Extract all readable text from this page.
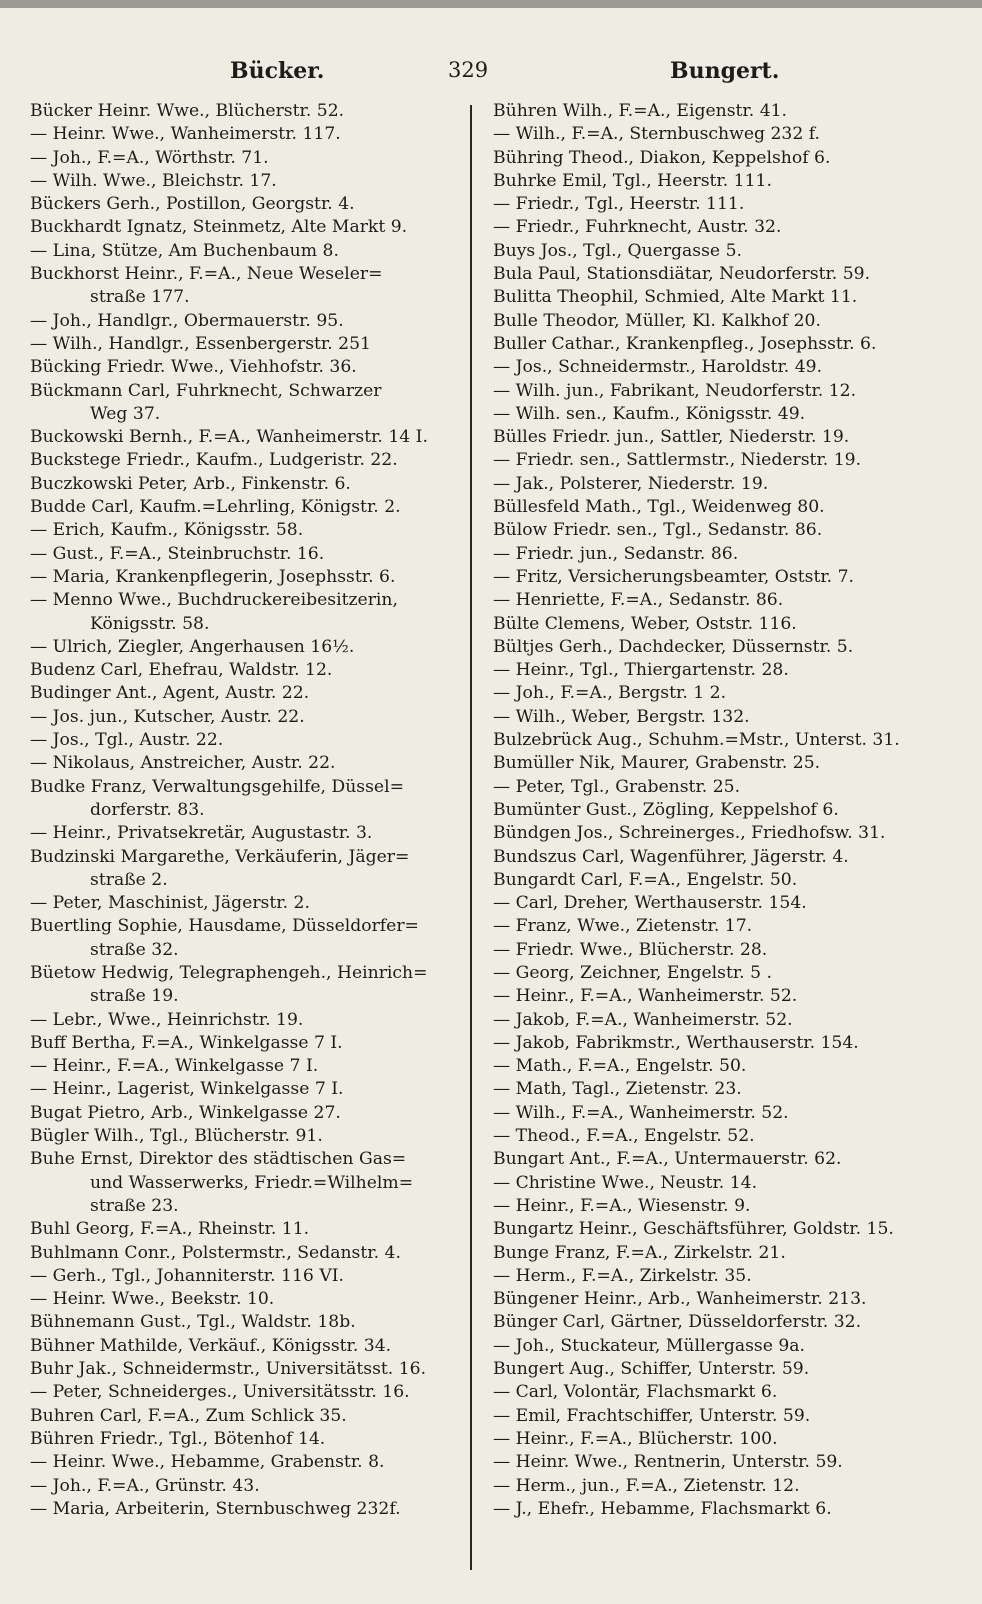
Bücker.	329	Bungert.
Bücker Heinr. Wwe., Blücherstr. 52.
— Heinr. Wwe., Wanheimerstr. 117.
— Joh., F.=A., Wörthstr. 71.
— Wilh. Wwe., Bleichstr. 17.
Bückers Gerh., Postillon, Georgstr. 4.
Buckhardt Ignatz, Steinmetz, Alte Markt 9.
— Lina, Stütze, Am Buchenbaum 8.
Buckhorst Heinr., F.=A., Neue Weseler=
straße 177.
— Joh., Handlgr., Obermauerstr. 95.
— Wilh., Handlgr., Essenbergerstr. 251
Bücking Friedr. Wwe., Viehhofstr. 36.
Bückmann Carl, Fuhrknecht, Schwarzer
Weg 37.
Buckowski Bernh., F.=A., Wanheimerstr. 14 I.
Buckstege Friedr., Kaufm., Ludgeristr. 22.
Buczkowski Peter, Arb., Finkenstr. 6.
Budde Carl, Kaufm.=Lehrling, Königstr. 2.
— Erich, Kaufm., Königsstr. 58.
— Gust., F.=A., Steinbruchstr. 16.
— Maria, Krankenpflegerin, Josephsstr. 6.
— Menno Wwe., Buchdruckereibesitzerin,
Königsstr. 58.
— Ulrich, Ziegler, Angerhausen 16½.
Budenz Carl, Ehefrau, Waldstr. 12.
Budinger Ant., Agent, Austr. 22.
— Jos. jun., Kutscher, Austr. 22.
— Jos., Tgl., Austr. 22.
— Nikolaus, Anstreicher, Austr. 22.
Budke Franz, Verwaltungsgehilfe, Düssel=
dorferstr. 83.
— Heinr., Privatsekretär, Augustastr. 3.
Budzinski Margarethe, Verkäuferin, Jäger=
straße 2.
— Peter, Maschinist, Jägerstr. 2.
Buertling Sophie, Hausdame, Düsseldorfer=
straße 32.
Büetow Hedwig, Telegraphengeh., Heinrich=
straße 19.
— Lebr., Wwe., Heinrichstr. 19.
Buff Bertha, F.=A., Winkelgasse 7 I.
— Heinr., F.=A., Winkelgasse 7 I.
— Heinr., Lagerist, Winkelgasse 7 I.
Bugat Pietro, Arb., Winkelgasse 27.
Bügler Wilh., Tgl., Blücherstr. 91.
Buhe Ernst, Direktor des städtischen Gas=
und Wasserwerks, Friedr.=Wilhelm=
straße 23.
Buhl Georg, F.=A., Rheinstr. 11.
Buhlmann Conr., Polstermstr., Sedanstr. 4.
— Gerh., Tgl., Johanniterstr. 116 VI.
— Heinr. Wwe., Beekstr. 10.
Bühnemann Gust., Tgl., Waldstr. 18b.
Bühner Mathilde, Verkäuf., Königsstr. 34.
Buhr Jak., Schneidermstr., Universitätsst. 16.
— Peter, Schneiderges., Universitätsstr. 16.
Buhren Carl, F.=A., Zum Schlick 35.
Bühren Friedr., Tgl., Bötenhof 14.
— Heinr. Wwe., Hebamme, Grabenstr. 8.
— Joh., F.=A., Grünstr. 43.
— Maria, Arbeiterin, Sternbuschweg 232f.
Bühren Wilh., F.=A., Eigenstr. 41.
— Wilh., F.=A., Sternbuschweg 232 f.
Bühring Theod., Diakon, Keppelshof 6.
Buhrke Emil, Tgl., Heerstr. 111.
— Friedr., Tgl., Heerstr. 111.
— Friedr., Fuhrknecht, Austr. 32.
Buys Jos., Tgl., Quergasse 5.
Bula Paul, Stationsdiätar, Neudorferstr. 59.
Bulitta Theophil, Schmied, Alte Markt 11.
Bulle Theodor, Müller, Kl. Kalkhof 20.
Buller Cathar., Krankenpfleg., Josephsstr. 6.
— Jos., Schneidermstr., Haroldstr. 49.
— Wilh. jun., Fabrikant, Neudorferstr. 12.
— Wilh. sen., Kaufm., Königsstr. 49.
Bülles Friedr. jun., Sattler, Niederstr. 19.
— Friedr. sen., Sattlermstr., Niederstr. 19.
— Jak., Polsterer, Niederstr. 19.
Büllesfeld Math., Tgl., Weidenweg 80.
Bülow Friedr. sen., Tgl., Sedanstr. 86.
— Friedr. jun., Sedanstr. 86.
— Fritz, Versicherungsbeamter, Oststr. 7.
— Henriette, F.=A., Sedanstr. 86.
Bülte Clemens, Weber, Oststr. 116.
Bültjes Gerh., Dachdecker, Düssernstr. 5.
— Heinr., Tgl., Thiergartenstr. 28.
— Joh., F.=A., Bergstr. 1 2.
— Wilh., Weber, Bergstr. 132.
Bulzebrück Aug., Schuhm.=Mstr., Unterst. 31.
Bumüller Nik, Maurer, Grabenstr. 25.
— Peter, Tgl., Grabenstr. 25.
Bumünter Gust., Zögling, Keppelshof 6.
Bündgen Jos., Schreinerges., Friedhofsw. 31.
Bundszus Carl, Wagenführer, Jägerstr. 4.
Bungardt Carl, F.=A., Engelstr. 50.
— Carl, Dreher, Werthauserstr. 154.
— Franz, Wwe., Zietenstr. 17.
— Friedr. Wwe., Blücherstr. 28.
— Georg, Zeichner, Engelstr. 5 .
— Heinr., F.=A., Wanheimerstr. 52.
— Jakob, F.=A., Wanheimerstr. 52.
— Jakob, Fabrikmstr., Werthauserstr. 154.
— Math., F.=A., Engelstr. 50.
— Math, Tagl., Zietenstr. 23.
— Wilh., F.=A., Wanheimerstr. 52.
— Theod., F.=A., Engelstr. 52.
Bungart Ant., F.=A., Untermauerstr. 62.
— Christine Wwe., Neustr. 14.
— Heinr., F.=A., Wiesenstr. 9.
Bungartz Heinr., Geschäftsführer, Goldstr. 15.
Bunge Franz, F.=A., Zirkelstr. 21.
— Herm., F.=A., Zirkelstr. 35.
Büngener Heinr., Arb., Wanheimerstr. 213.
Bünger Carl, Gärtner, Düsseldorferstr. 32.
— Joh., Stuckateur, Müllergasse 9a.
Bungert Aug., Schiffer, Unterstr. 59.
— Carl, Volontär, Flachsmarkt 6.
— Emil, Frachtschiffer, Unterstr. 59.
— Heinr., F.=A., Blücherstr. 100.
— Heinr. Wwe., Rentnerin, Unterstr. 59.
— Herm., jun., F.=A., Zietenstr. 12.
— J., Ehefr., Hebamme, Flachsmarkt 6.
